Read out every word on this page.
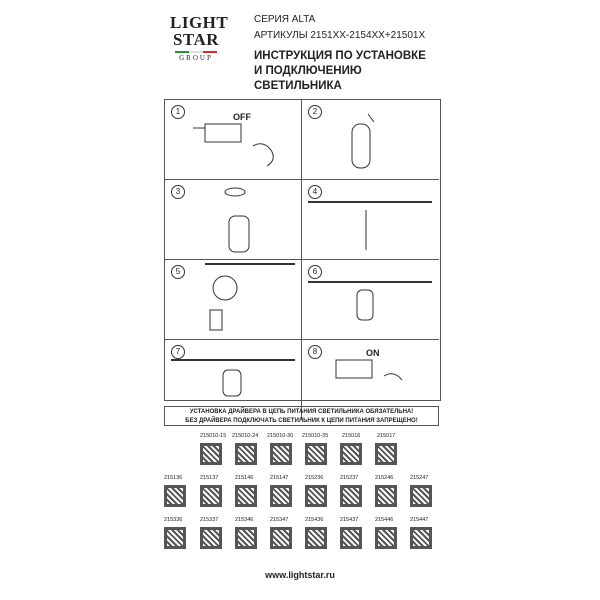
LIGHT
STAR
GROUP
СЕРИЯ ALTA
АРТИКУЛЫ 2151XX-2154XX+21501X
ИНСТРУКЦИЯ ПО УСТАНОВКЕ
И ПОДКЛЮЧЕНИЮ СВЕТИЛЬНИКА
1
OFF
2
3	4
5	6
7	8	ON
УСТАНОВКА ДРАЙВЕРА В ЦЕПЬ ПИТАНИЯ СВЕТИЛЬНИКА ОБЯЗАТЕЛЬНА!
БЕЗ ДРАЙВЕРА ПОДКЛЮЧАТЬ СВЕТИЛЬНИК К ЦЕПИ ПИТАНИЯ ЗАПРЕЩЕНО!
215010-15 215010-24 215010-30 215010-35 215016	215017
215136	215137	215146	215147	215236	215237	215246	215247
215336	215337	215346	215347	215436	215437	215446	215447
www.lightstar.ru
